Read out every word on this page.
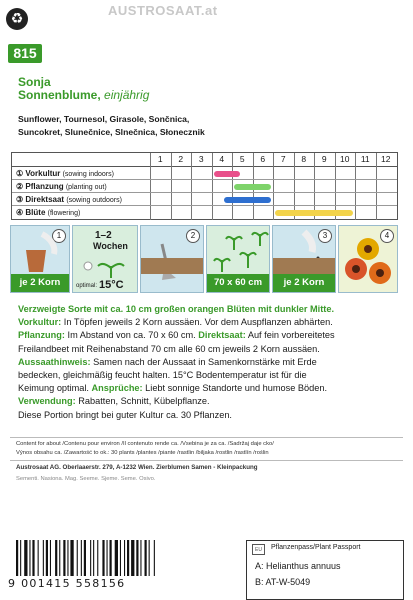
♻
AUSTROSAAT.at
815
Sonja
Sonnenblume, einjährig
Sunflower, Tournesol, Girasole, Sončnica,
Suncokret, Slunečnice, Slnečnica, Słonecznik
1	2	3	4	5	6	7	8	9	10	11	12
① Vorkultur (sowing indoors)
② Pflanzung (planting out)
③ Direktsaat (sowing outdoors)
④ Blüte (flowering)
1
je 2 Korn
1–2
Wochen
optimal: 15°C
2
70 x 60 cm
3
je 2 Korn
4

Verzweigte Sorte mit ca. 10 cm großen orangen Blüten mit dunkler Mitte.

Vorkultur: In Töpfen jeweils 2 Korn aussäen. Vor dem Auspflanzen abhärten.

Pflanzung: Im Abstand von ca. 70 x 60 cm. Direktsaat: Auf fein vorbereitetes

Freilandbeet mit Reihenabstand 70 cm alle 60 cm jeweils 2 Korn aussäen.

Aussaathinweis: Samen nach der Aussaat in Samenkornstärke mit Erde

bedecken, gleichmäßig feucht halten. 15°C Bodentemperatur ist für die

Keimung optimal. Ansprüche: Liebt sonnige Standorte und humose Böden.

Verwendung: Rabatten, Schnitt, Kübelpflanze.

Diese Portion bringt bei guter Kultur ca. 30 Pflanzen.

Content for about /Contenu pour environ /Il contenuto rende ca. /Vsebina je za ca. /Sadržaj daje cko/
Výnos obsahu ca. /Zawartość to ok.: 30 plants /plantes /piante /rastlin /biljaka /rostlin /rastlín /roślin
Austrosaat AG. Oberlaaerstr. 279, A-1232 Wien. Zierblumen Samen - Kleinpackung
Sementi. Nasiona. Mag. Seeme. Sjeme. Seme. Osivo.
9 001415 558156
EU	Pflanzenpass/Plant Passport
A: Helianthus annuus
B: AT-W-5049
